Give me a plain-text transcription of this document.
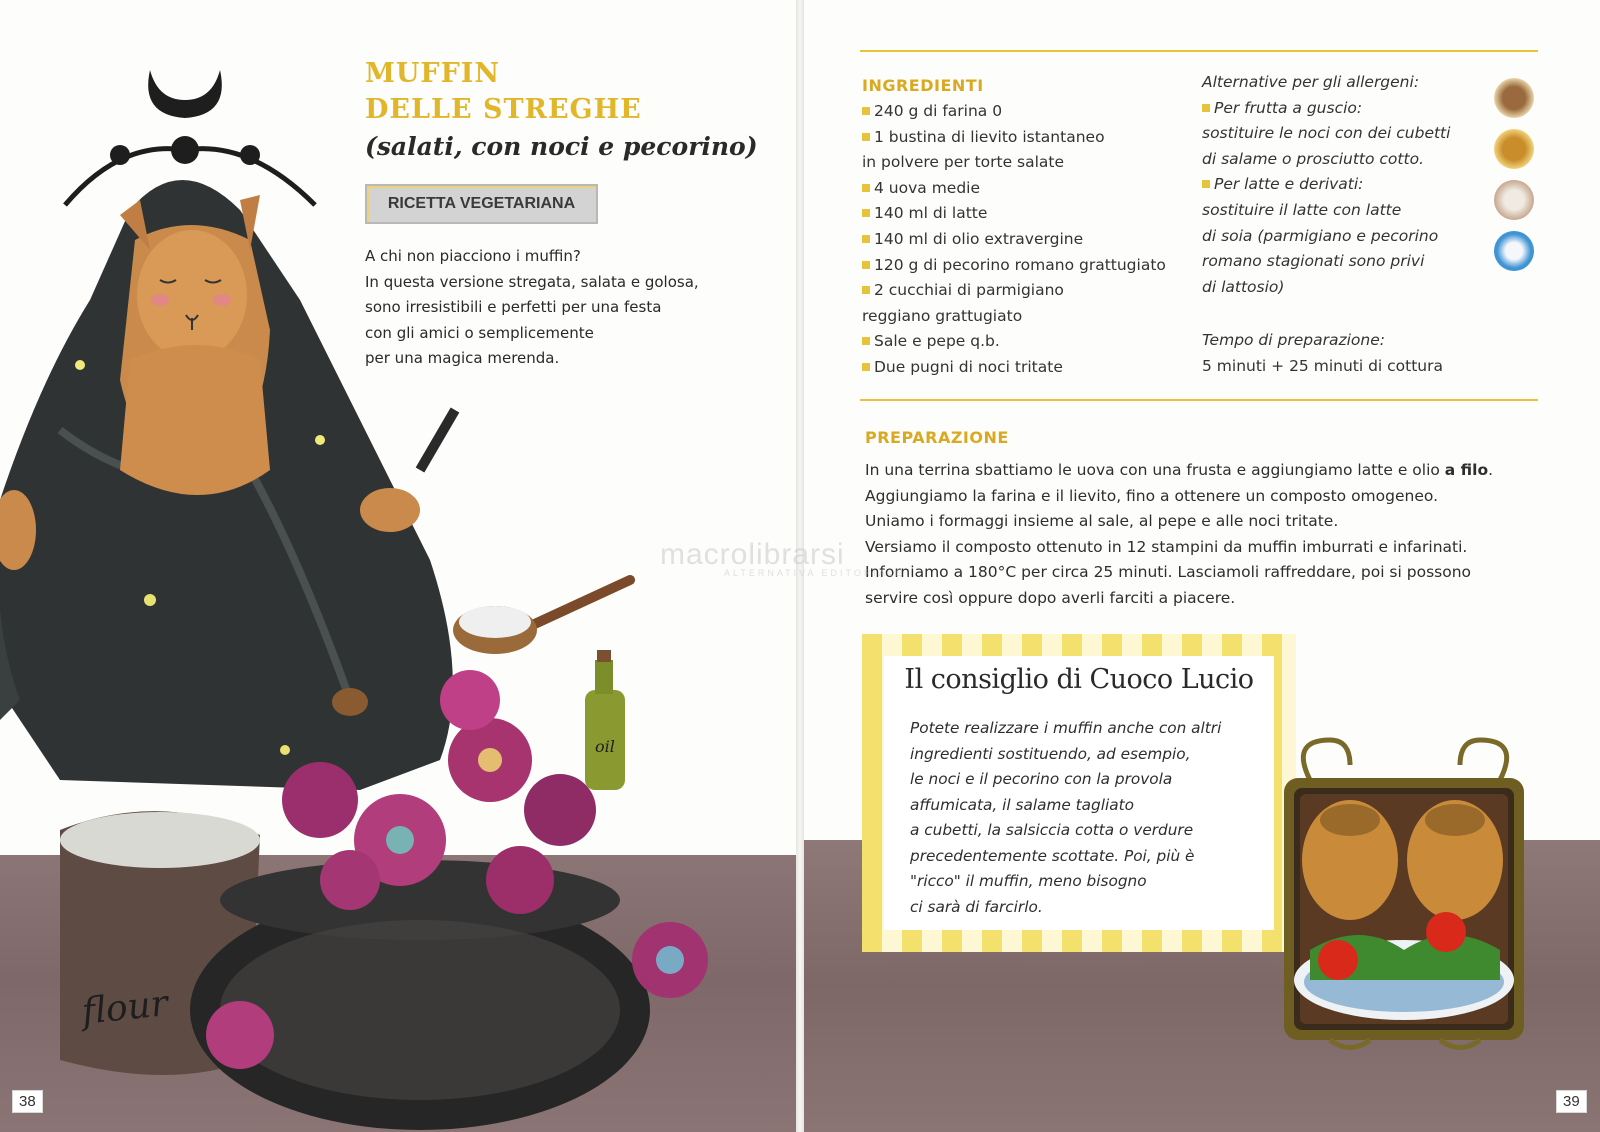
MUFFIN
DELLE STREGHE
(salati, con noci e pecorino)
RICETTA VEGETARIANA
A chi non piacciono i muffin?
In questa versione stregata, salata e golosa,
sono irresistibili e perfetti per una festa
con gli amici o semplicemente
per una magica merenda.
flour
oil
38
INGREDIENTI
240 g di farina 0
1 bustina di lievito istantaneo
in polvere per torte salate
4 uova medie
140 ml di latte
140 ml di olio extravergine
120 g di pecorino romano grattugiato
2 cucchiai di parmigiano
reggiano grattugiato
Sale e pepe q.b.
Due pugni di noci tritate
Alternative per gli allergeni:
Per frutta a guscio:
sostituire le noci con dei cubetti
di salame o prosciutto cotto.
Per latte e derivati:
sostituire il latte con latte
di soia (parmigiano e pecorino
romano stagionati sono privi
di lattosio)
Tempo di preparazione:
5 minuti + 25 minuti di cottura
PREPARAZIONE
In una terrina sbattiamo le uova con una frusta e aggiungiamo latte e olio a filo.
Aggiungiamo la farina e il lievito, fino a ottenere un composto omogeneo.
Uniamo i formaggi insieme al sale, al pepe e alle noci tritate.
Versiamo il composto ottenuto in 12 stampini da muffin imburrati e infarinati.
Inforniamo a 180°C per circa 25 minuti. Lasciamoli raffreddare, poi si possono
servire così oppure dopo averli farciti a piacere.
Il consiglio di Cuoco Lucio
Potete realizzare i muffin anche con altri
ingredienti sostituendo, ad esempio,
le noci e il pecorino con la provola
affumicata, il salame tagliato
a cubetti, la salsiccia cotta o verdure
precedentemente scottate. Poi, più è
"ricco" il muffin, meno bisogno
ci sarà di farcirlo.
39
macrolibrarsi
ALTERNATIVA EDITORIALE
